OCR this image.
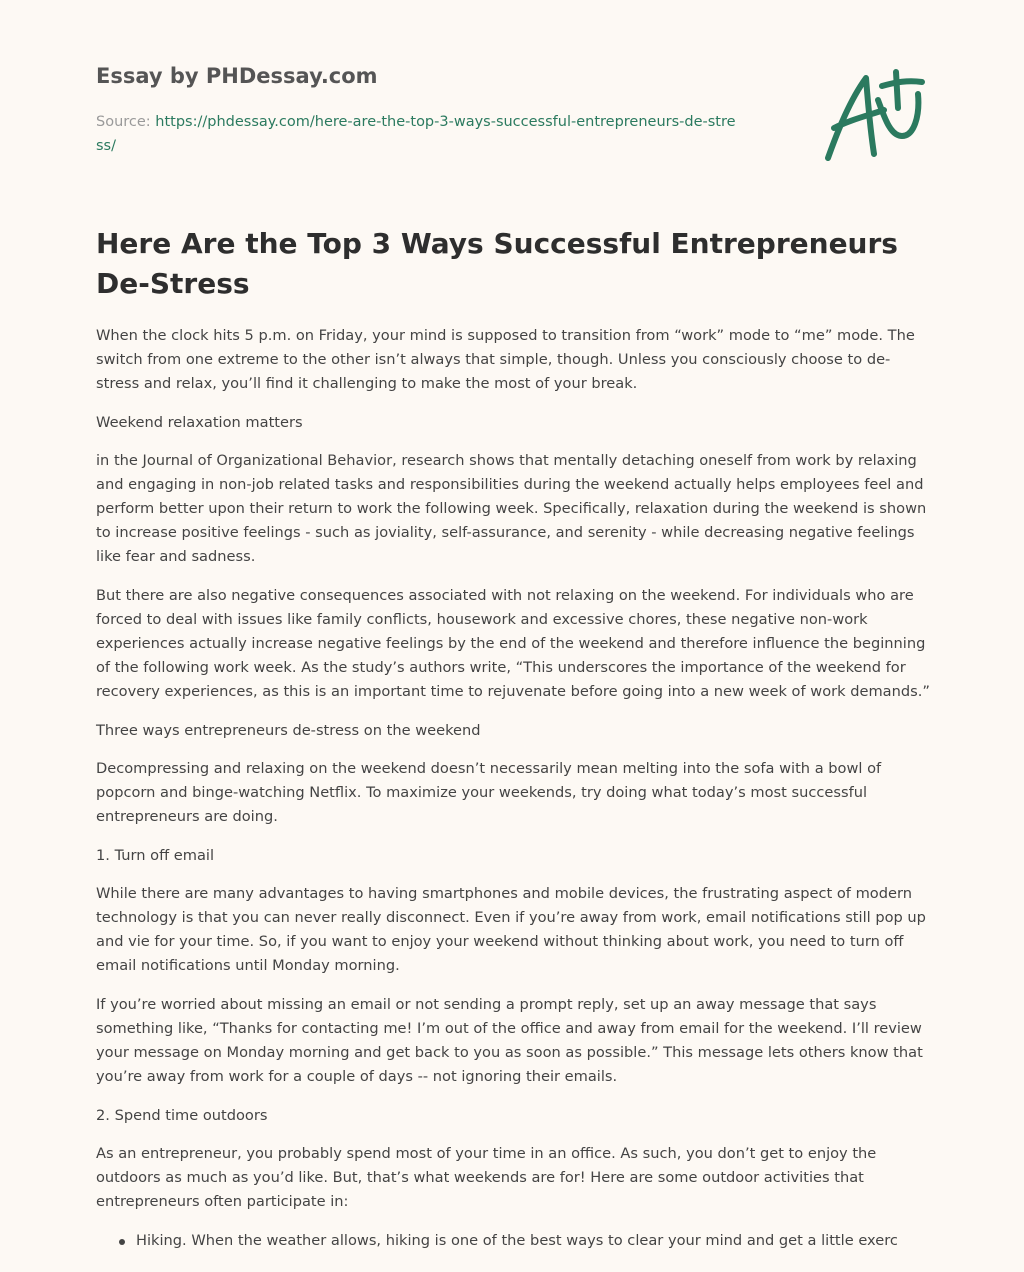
Essay by PHDessay.com
Source: https://phdessay.com/here-are-the-top-3-ways-successful-entrepreneurs-de-stress/
Here Are the Top 3 Ways Successful Entrepreneurs De-Stress

When the clock hits 5 p.m. on Friday, your mind is supposed to transition from “work” mode to “me” mode. The switch from one extreme to the other isn’t always that simple, though. Unless you consciously choose to de-stress and relax, you’ll find it challenging to make the most of your break.

Weekend relaxation matters

in the Journal of Organizational Behavior, research shows that mentally detaching oneself from work by relaxing and engaging in non-job related tasks and responsibilities during the weekend actually helps employees feel and perform better upon their return to work the following week. Specifically, relaxation during the weekend is shown to increase positive feelings - such as joviality, self-assurance, and serenity - while decreasing negative feelings like fear and sadness.

But there are also negative consequences associated with not relaxing on the weekend. For individuals who are forced to deal with issues like family conflicts, housework and excessive chores, these negative non-work experiences actually increase negative feelings by the end of the weekend and therefore influence the beginning of the following work week. As the study’s authors write, “This underscores the importance of the weekend for recovery experiences, as this is an important time to rejuvenate before going into a new week of work demands.”

Three ways entrepreneurs de-stress on the weekend

Decompressing and relaxing on the weekend doesn’t necessarily mean melting into the sofa with a bowl of popcorn and binge-watching Netflix. To maximize your weekends, try doing what today’s most successful entrepreneurs are doing.

1. Turn off email

While there are many advantages to having smartphones and mobile devices, the frustrating aspect of modern technology is that you can never really disconnect. Even if you’re away from work, email notifications still pop up and vie for your time. So, if you want to enjoy your weekend without thinking about work, you need to turn off email notifications until Monday morning.

If you’re worried about missing an email or not sending a prompt reply, set up an away message that says something like, “Thanks for contacting me! I’m out of the office and away from email for the weekend. I’ll review your message on Monday morning and get back to you as soon as possible.” This message lets others know that you’re away from work for a couple of days -- not ignoring their emails.

2. Spend time outdoors

As an entrepreneur, you probably spend most of your time in an office. As such, you don’t get to enjoy the outdoors as much as you’d like. But, that’s what weekends are for! Here are some outdoor activities that entrepreneurs often participate in:

Hiking. When the weather allows, hiking is one of the best ways to clear your mind and get a little exerc
